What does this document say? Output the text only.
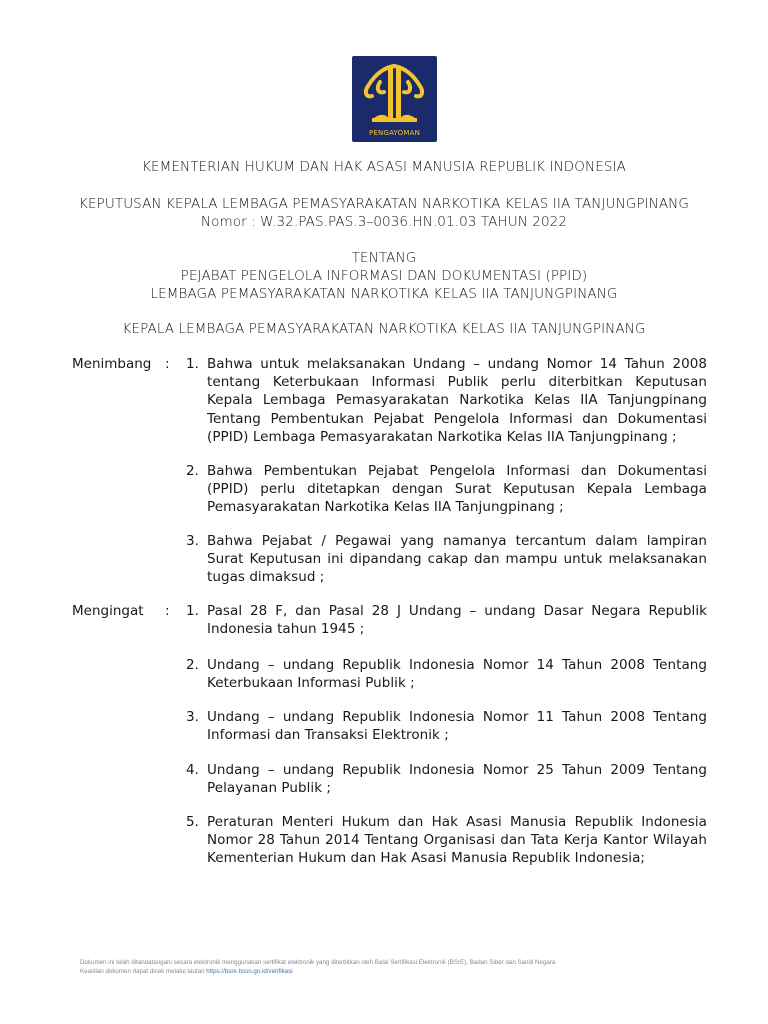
PENGAYOMAN
KEMENTERIAN HUKUM DAN HAK ASASI MANUSIA REPUBLIK INDONESIA
KEPUTUSAN KEPALA LEMBAGA PEMASYARAKATAN NARKOTIKA KELAS IIA TANJUNGPINANG
Nomor : W.32.PAS.PAS.3–0036.HN.01.03 TAHUN 2022
TENTANG
PEJABAT PENGELOLA INFORMASI DAN DOKUMENTASI (PPID)
LEMBAGA PEMASYARAKATAN NARKOTIKA KELAS IIA TANJUNGPINANG
KEPALA LEMBAGA PEMASYARAKATAN NARKOTIKA KELAS IIA TANJUNGPINANG
Menimbang : 1. Bahwa untuk melaksanakan Undang – undang Nomor 14 Tahun 2008 tentang Keterbukaan Informasi Publik perlu diterbitkan Keputusan Kepala Lembaga Pemasyarakatan Narkotika Kelas IIA Tanjungpinang Tentang Pembentukan Pejabat Pengelola Informasi dan Dokumentasi (PPID) Lembaga Pemasyarakatan Narkotika Kelas IIA Tanjungpinang ;
2. Bahwa Pembentukan Pejabat Pengelola Informasi dan Dokumentasi (PPID) perlu ditetapkan dengan Surat Keputusan Kepala Lembaga Pemasyarakatan Narkotika Kelas IIA Tanjungpinang ;
3. Bahwa Pejabat / Pegawai yang namanya tercantum dalam lampiran Surat Keputusan ini dipandang cakap dan mampu untuk melaksanakan tugas dimaksud ;
Mengingat : 1. Pasal 28 F, dan Pasal 28 J Undang – undang Dasar Negara Republik Indonesia tahun 1945 ;
2. Undang – undang Republik Indonesia Nomor 14 Tahun 2008 Tentang Keterbukaan Informasi Publik ;
3. Undang – undang Republik Indonesia Nomor 11 Tahun 2008 Tentang Informasi dan Transaksi Elektronik ;
4. Undang – undang Republik Indonesia Nomor 25 Tahun 2009 Tentang Pelayanan Publik ;
5. Peraturan Menteri Hukum dan Hak Asasi Manusia Republik Indonesia Nomor 28 Tahun 2014 Tentang Organisasi dan Tata Kerja Kantor Wilayah Kementerian Hukum dan Hak Asasi Manusia Republik Indonesia;
Dokumen ini telah ditandatangani secara elektronik menggunakan sertifikat elektronik yang diterbitkan oleh Balai Sertifikasi Elektronik (BSrE), Badan Siber dan Sandi Negara
Keaslian dokumen dapat dicek melalui tautan https://bsre.bssn.go.id/verifikasi
